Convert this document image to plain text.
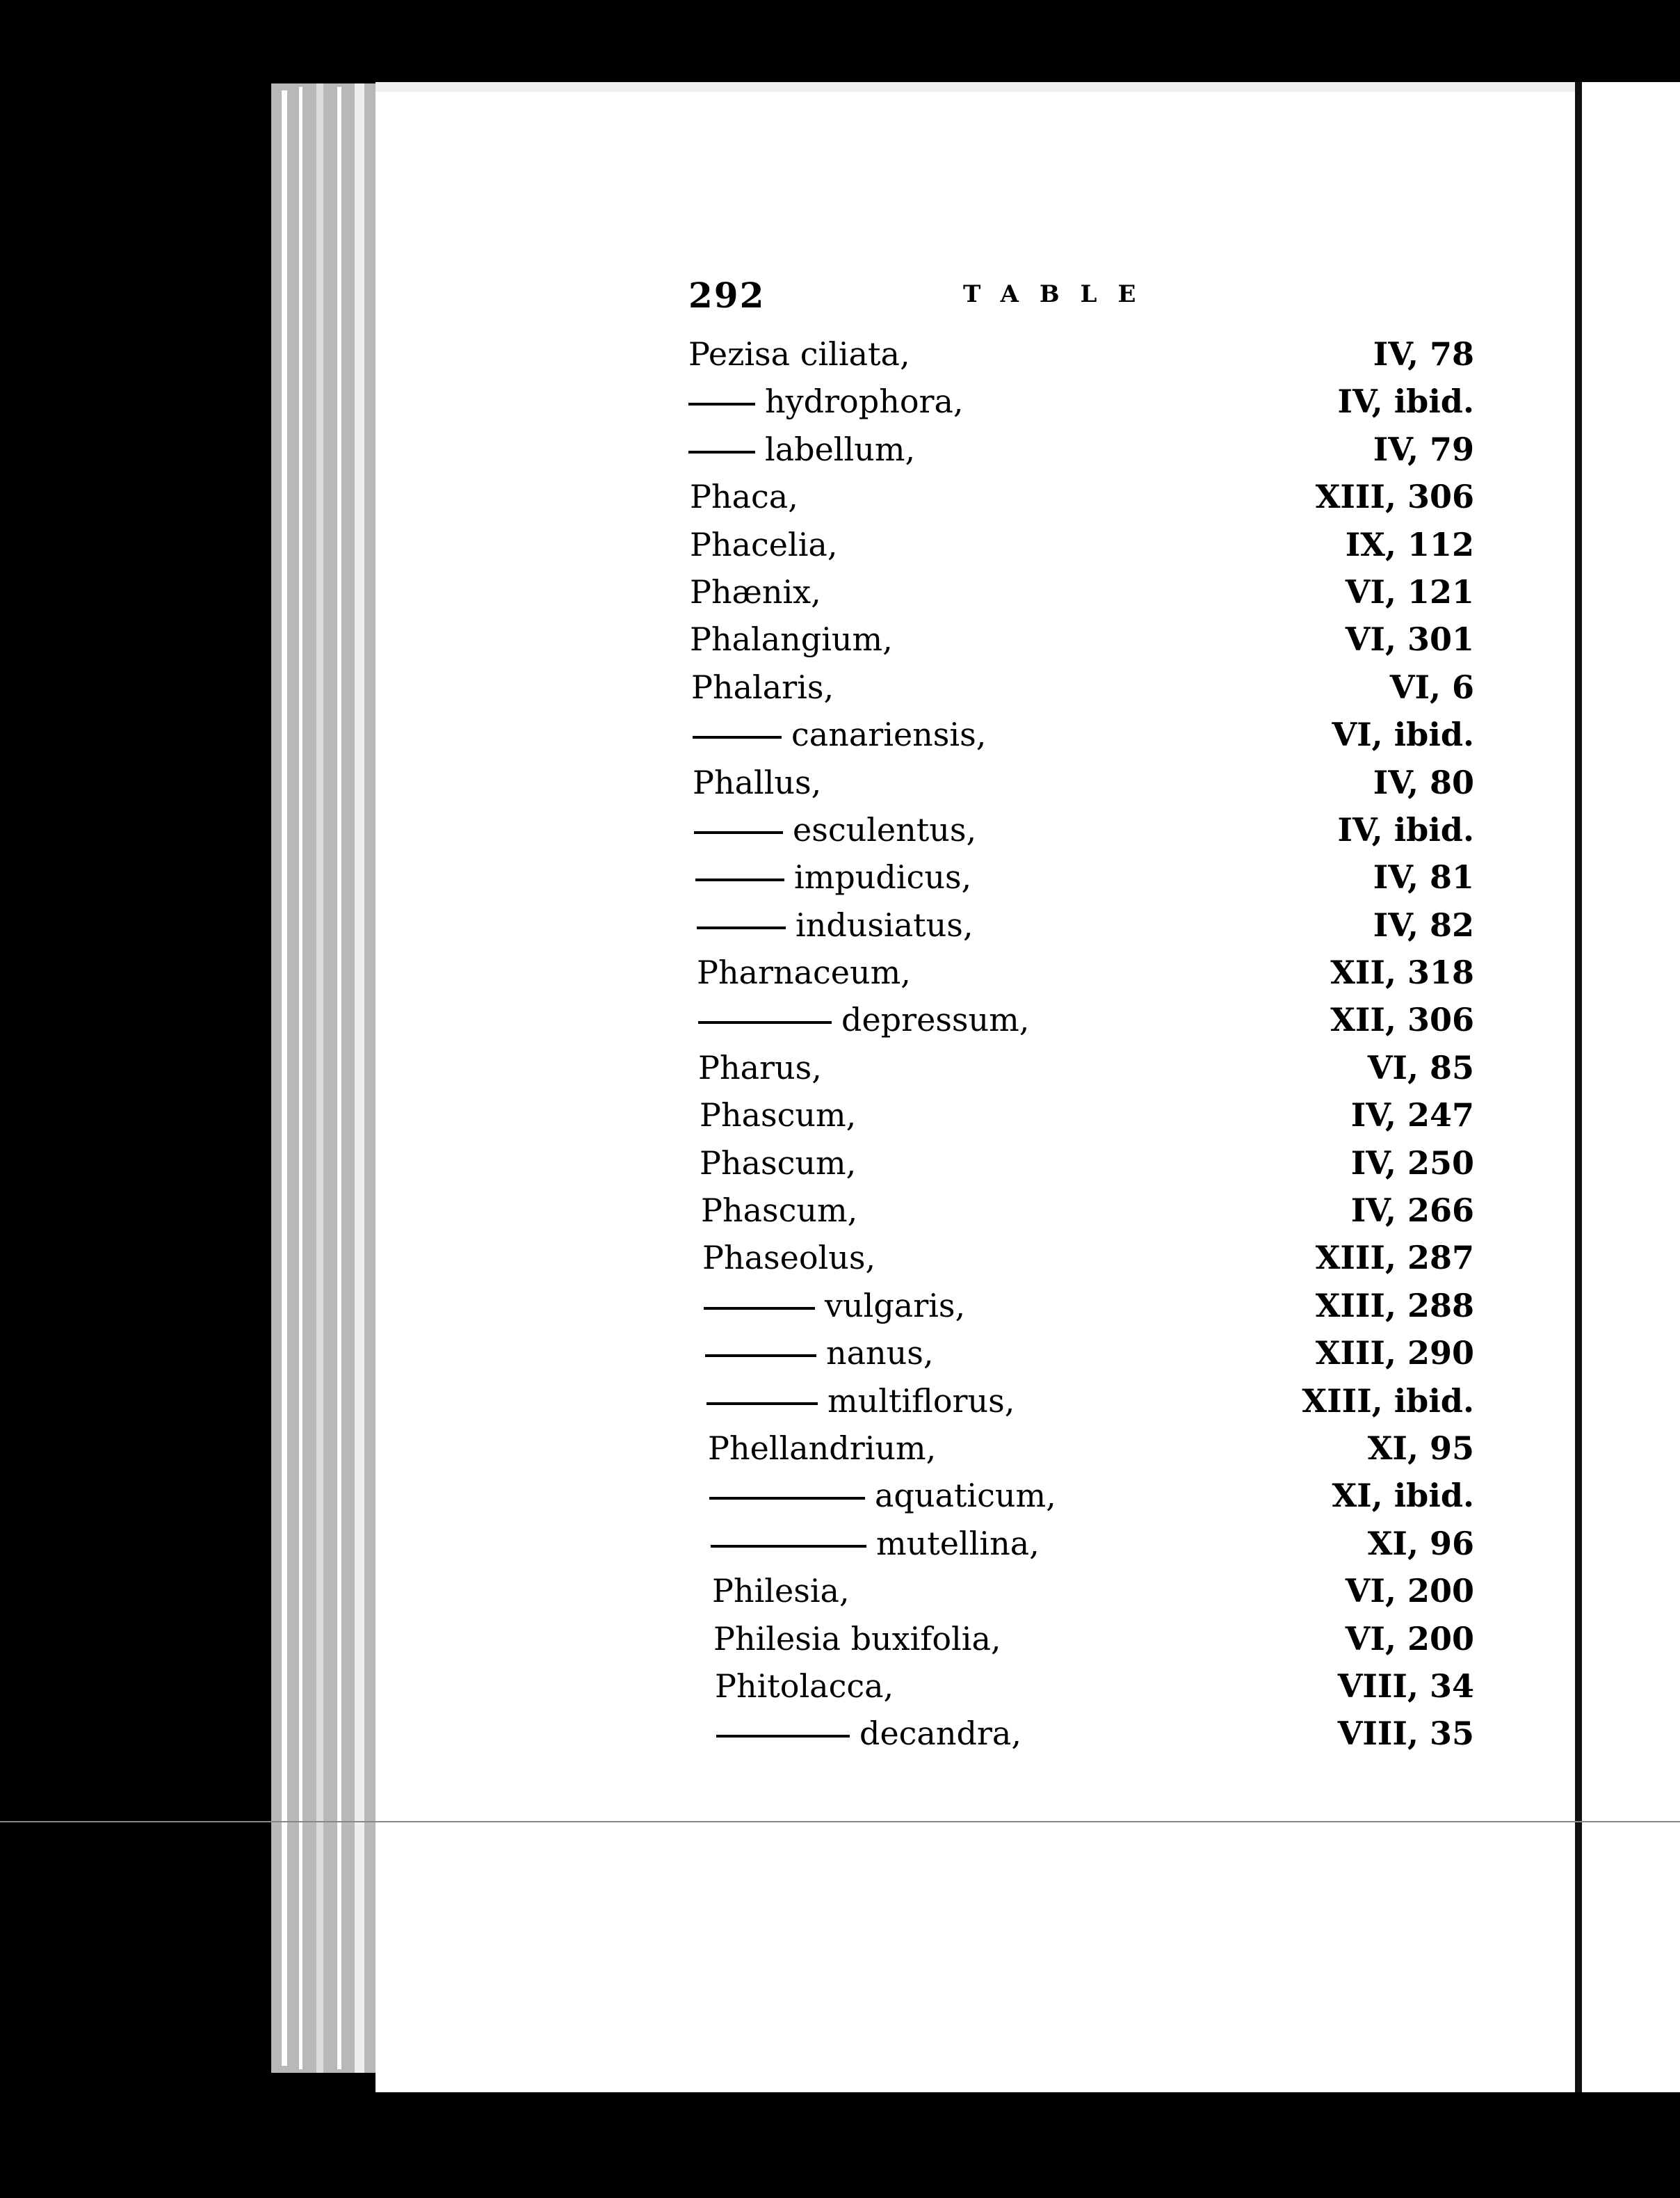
292	TABLE
Pezisa ciliata,	IV, 78
hydrophora,	IV, ibid.
labellum,	IV, 79
Phaca,	XIII, 306
Phacelia,	IX, 112
Phænix,	VI, 121
Phalangium,	VI, 301
Phalaris,	VI, 6
canariensis,	VI, ibid.
Phallus,	IV, 80
esculentus,	IV, ibid.
impudicus,	IV, 81
indusiatus,	IV, 82
Pharnaceum,	XII, 318
depressum,	XII, 306
Pharus,	VI, 85
Phascum,	IV, 247
Phascum,	IV, 250
Phascum,	IV, 266
Phaseolus,	XIII, 287
vulgaris,	XIII, 288
nanus,	XIII, 290
multiflorus,	XIII, ibid.
Phellandrium,	XI, 95
aquaticum,	XI, ibid.
mutellina,	XI, 96
Philesia,	VI, 200
Philesia buxifolia,	VI, 200
Phitolacca,	VIII, 34
decandra,	VIII, 35
